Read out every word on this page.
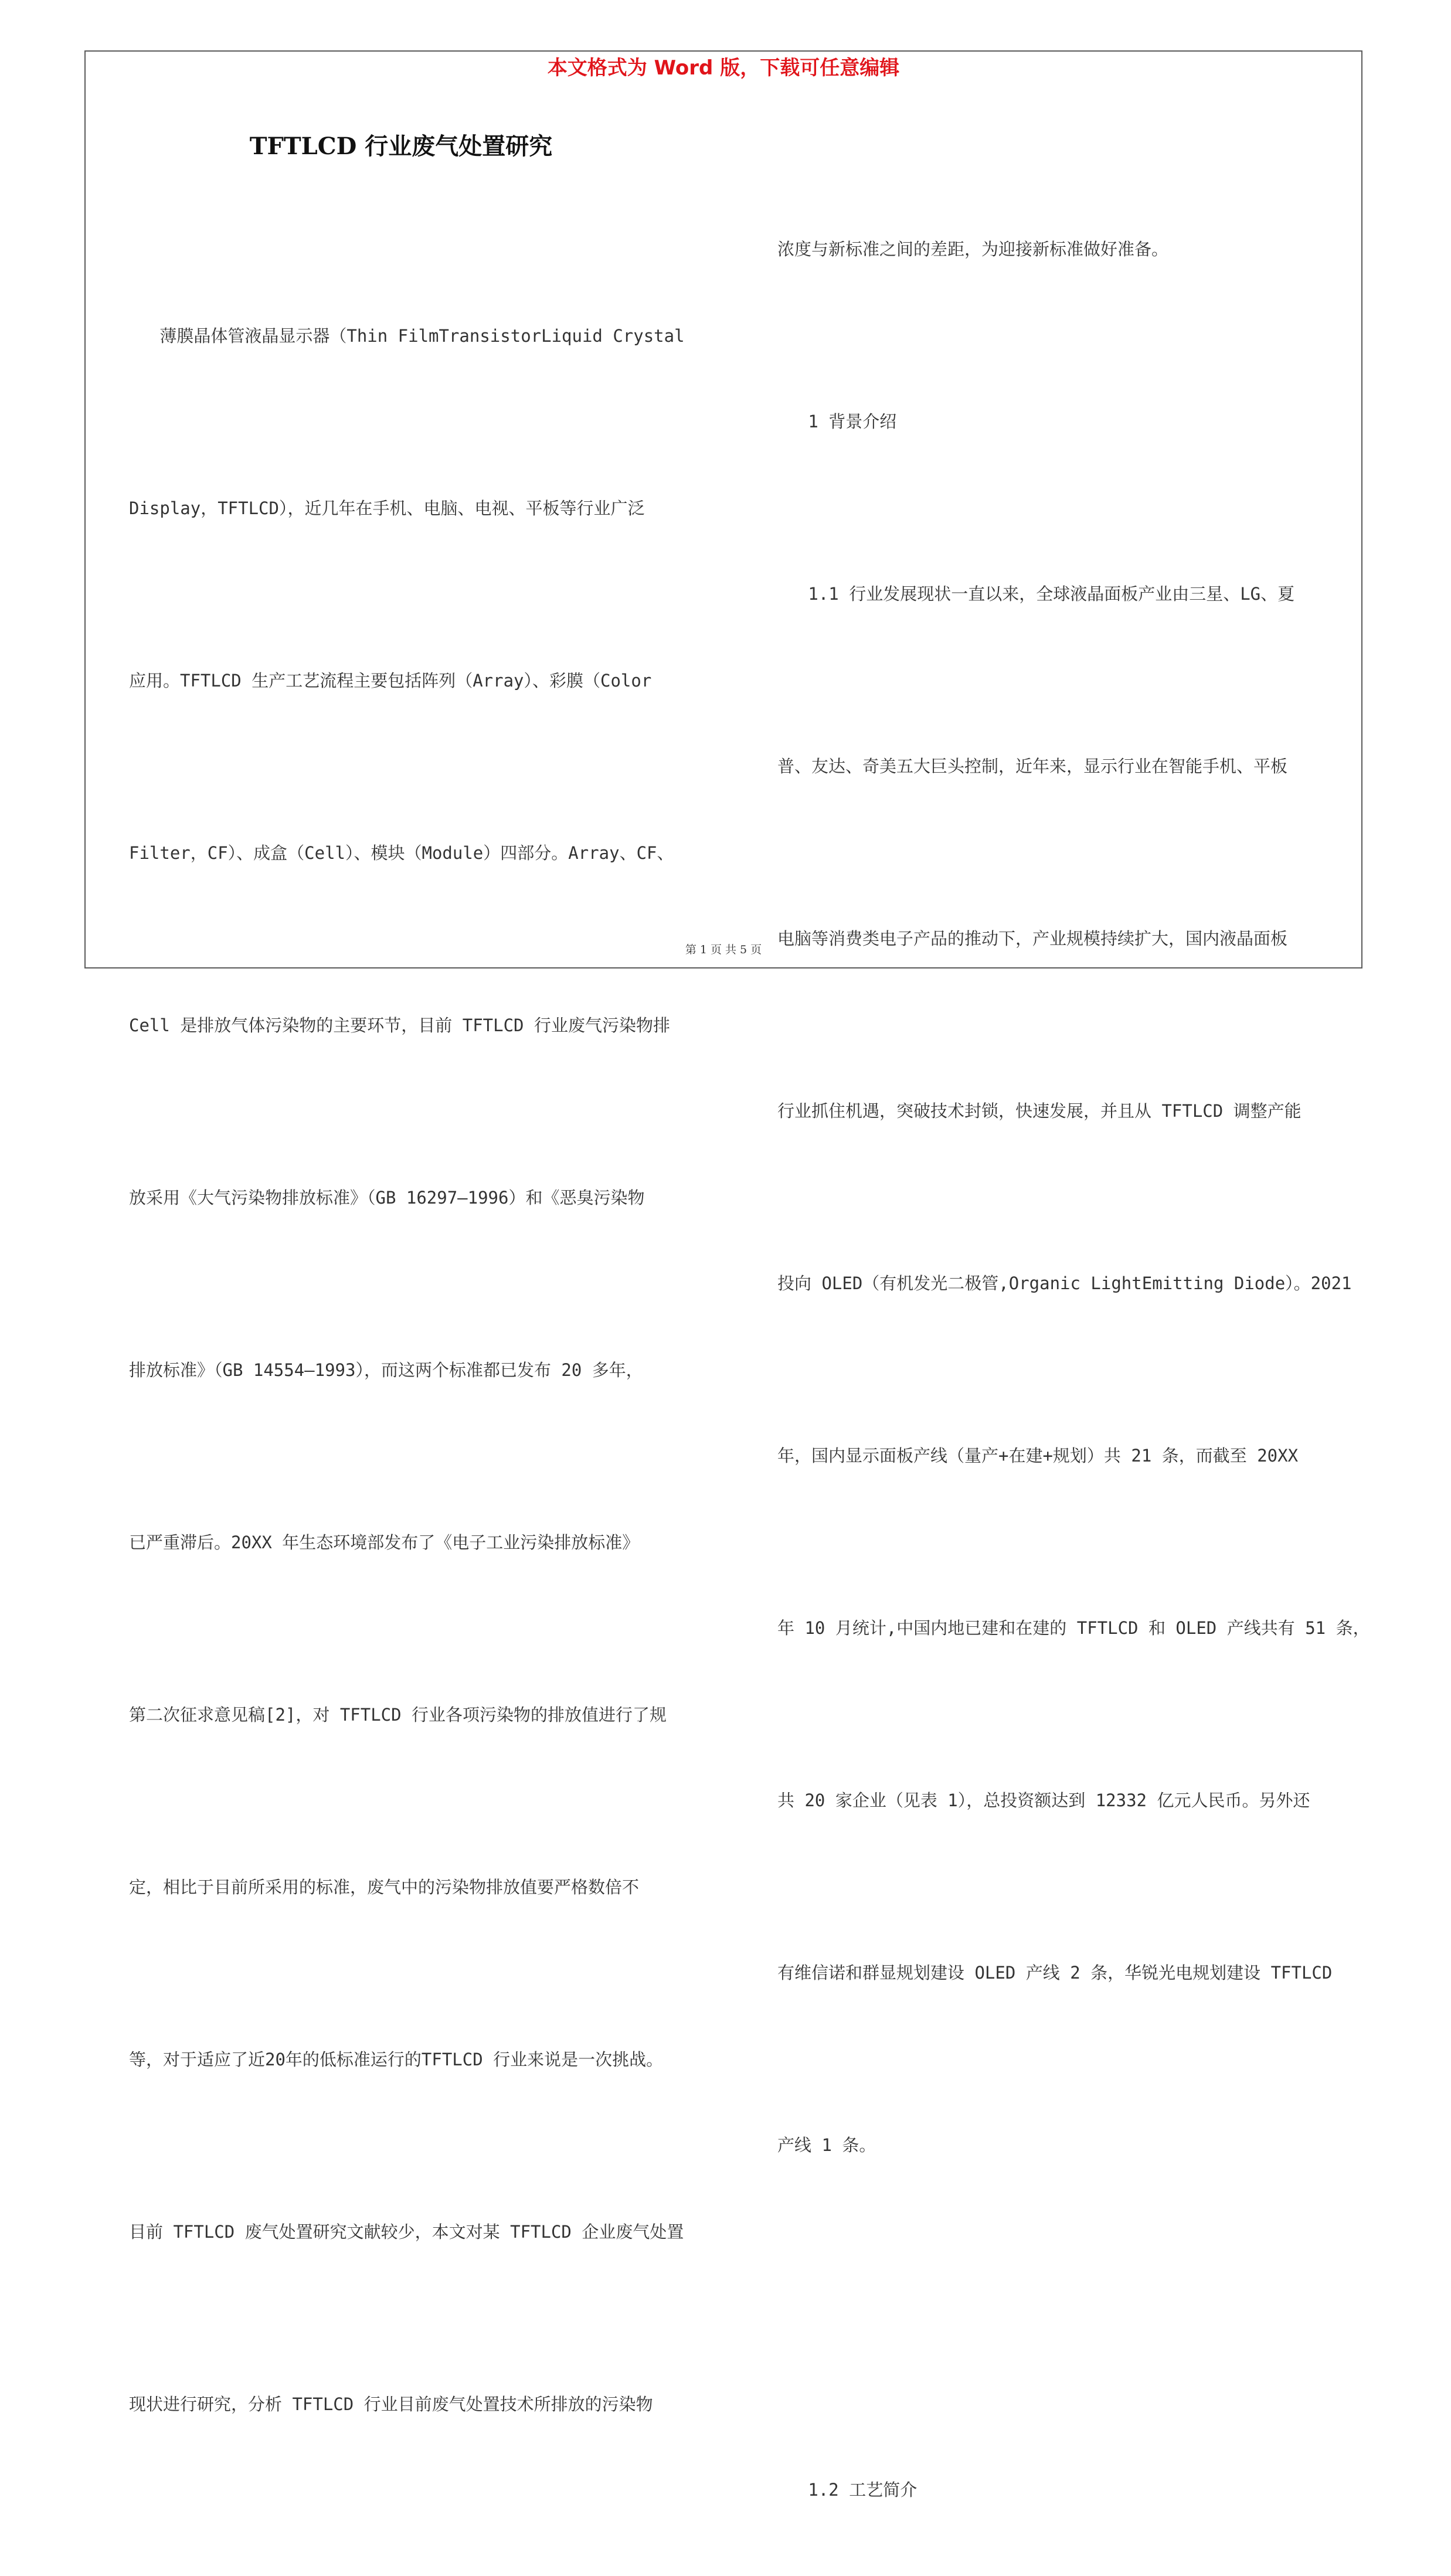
本文格式为 Word 版，下载可任意编辑
TFTLCD 行业废气处置研究

薄膜晶体管液晶显示器（Thin FilmTransistorLiquid Crystal

Display，TFTLCD），近几年在手机、电脑、电视、平板等行业广泛

应用。TFTLCD 生产工艺流程主要包括阵列（Array）、彩膜（Color

Filter，CF）、成盒（Cell）、模块（Module）四部分。Array、CF、

Cell 是排放气体污染物的主要环节，目前 TFTLCD 行业废气污染物排

放采用《大气污染物排放标准》（GB 16297—1996）和《恶臭污染物

排放标准》（GB 14554—1993），而这两个标准都已发布 20 多年，

已严重滞后。20XX 年生态环境部发布了《电子工业污染排放标准》

第二次征求意见稿[2]，对 TFTLCD 行业各项污染物的排放值进行了规

定，相比于目前所采用的标准，废气中的污染物排放值要严格数倍不

等，对于适应了近20年的低标准运行的TFTLCD 行业来说是一次挑战。

目前 TFTLCD 废气处置研究文献较少，本文对某 TFTLCD 企业废气处置

现状进行研究，分析 TFTLCD 行业目前废气处置技术所排放的污染物

浓度与新标准之间的差距，为迎接新标准做好准备。

1 背景介绍

1.1 行业发展现状一直以来，全球液晶面板产业由三星、LG、夏

普、友达、奇美五大巨头控制，近年来，显示行业在智能手机、平板

电脑等消费类电子产品的推动下，产业规模持续扩大，国内液晶面板

行业抓住机遇，突破技术封锁，快速发展，并且从 TFTLCD 调整产能

投向 OLED（有机发光二极管,Organic LightEmitting Diode）。2021

年，国内显示面板产线（量产+在建+规划）共 21 条，而截至 20XX

年 10 月统计,中国内地已建和在建的 TFTLCD 和 OLED 产线共有 51 条，

共 20 家企业（见表 1），总投资额达到 12332 亿元人民币。另外还

有维信诺和群显规划建设 OLED 产线 2 条，华锐光电规划建设 TFTLCD

产线 1 条。

1.2 工艺简介

第 1 页 共 5 页
